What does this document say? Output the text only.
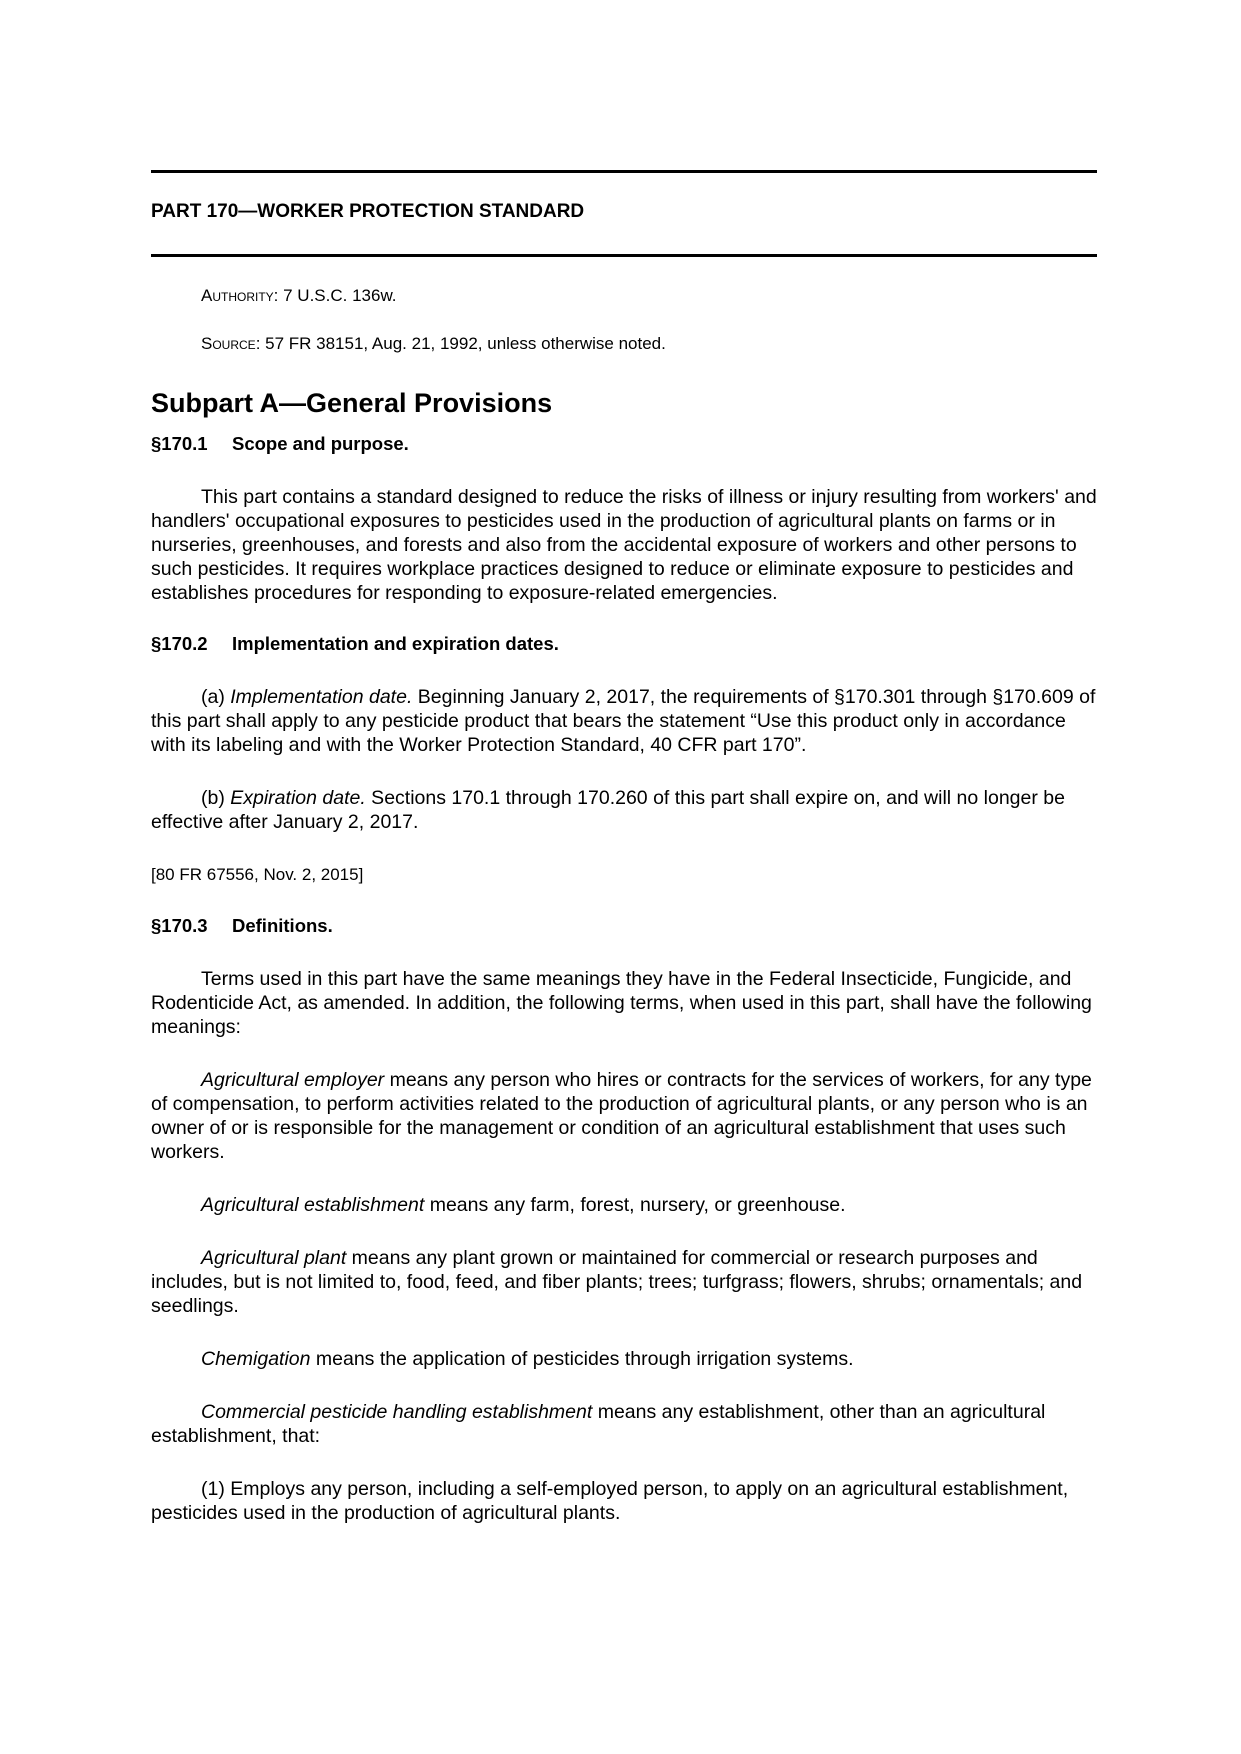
PART 170—WORKER PROTECTION STANDARD

Authority: 7 U.S.C. 136w.

Source: 57 FR 38151, Aug. 21, 1992, unless otherwise noted.

Subpart A—General Provisions
§170.1 Scope and purpose.

This part contains a standard designed to reduce the risks of illness or injury resulting from workers' and handlers' occupational exposures to pesticides used in the production of agricultural plants on farms or in nurseries, greenhouses, and forests and also from the accidental exposure of workers and other persons to such pesticides. It requires workplace practices designed to reduce or eliminate exposure to pesticides and establishes procedures for responding to exposure-related emergencies.

§170.2 Implementation and expiration dates.

(a) Implementation date. Beginning January 2, 2017, the requirements of §170.301 through §170.609 of this part shall apply to any pesticide product that bears the statement “Use this product only in accordance with its labeling and with the Worker Protection Standard, 40 CFR part 170”.

(b) Expiration date. Sections 170.1 through 170.260 of this part shall expire on, and will no longer be effective after January 2, 2017.

[80 FR 67556, Nov. 2, 2015]

§170.3 Definitions.

Terms used in this part have the same meanings they have in the Federal Insecticide, Fungicide, and Rodenticide Act, as amended. In addition, the following terms, when used in this part, shall have the following meanings:

Agricultural employer means any person who hires or contracts for the services of workers, for any type of compensation, to perform activities related to the production of agricultural plants, or any person who is an owner of or is responsible for the management or condition of an agricultural establishment that uses such workers.

Agricultural establishment means any farm, forest, nursery, or greenhouse.

Agricultural plant means any plant grown or maintained for commercial or research purposes and includes, but is not limited to, food, feed, and fiber plants; trees; turfgrass; flowers, shrubs; ornamentals; and seedlings.

Chemigation means the application of pesticides through irrigation systems.

Commercial pesticide handling establishment means any establishment, other than an agricultural establishment, that:

(1) Employs any person, including a self-employed person, to apply on an agricultural establishment, pesticides used in the production of agricultural plants.
